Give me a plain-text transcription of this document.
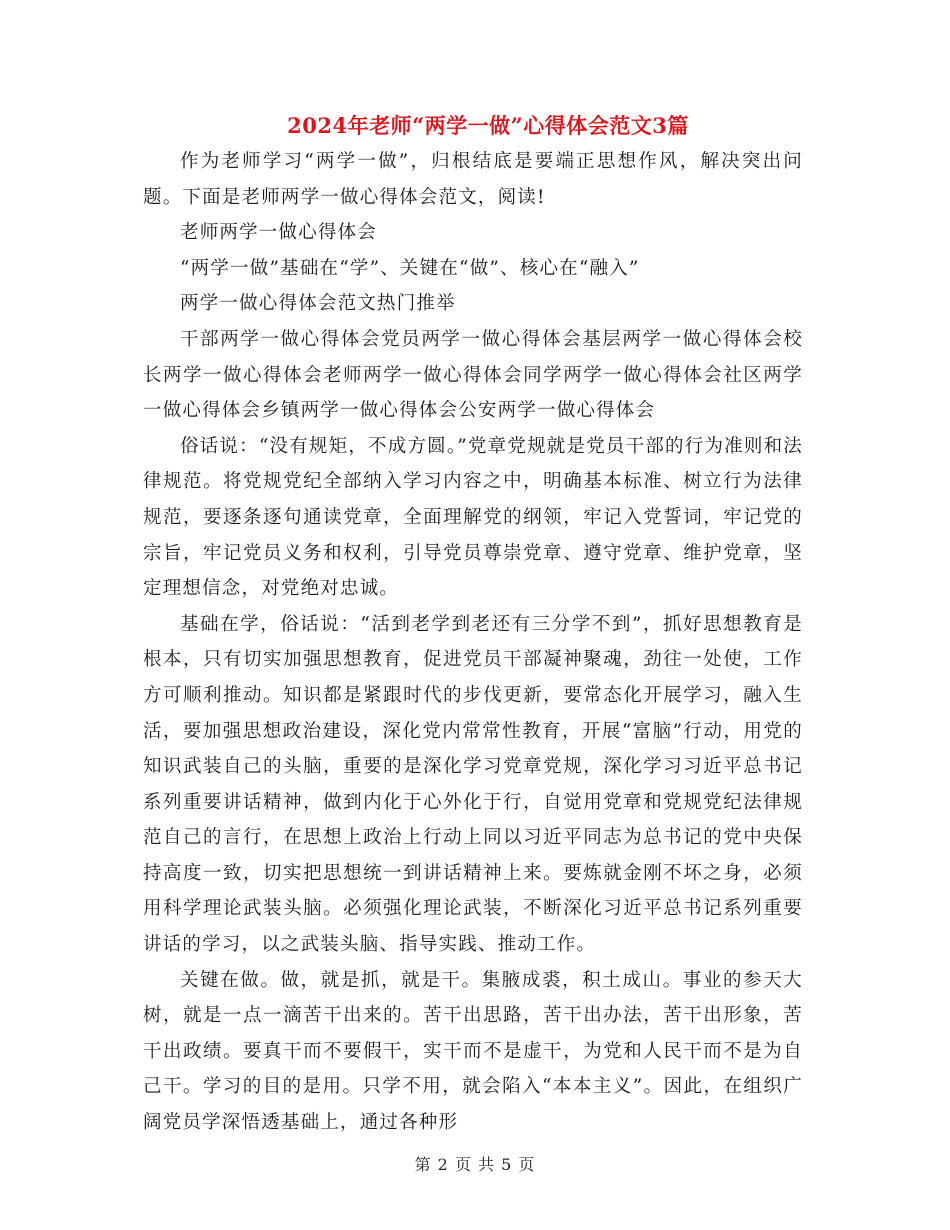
2024年老师“两学一做”心得体会范文3篇

作为老师学习“两学一做”，归根结底是要端正思想作风，解决突出问题。下面是老师两学一做心得体会范文，阅读!

老师两学一做心得体会

“两学一做”基础在“学”、关键在“做”、核心在“融入”

两学一做心得体会范文热门推举

干部两学一做心得体会党员两学一做心得体会基层两学一做心得体会校长两学一做心得体会老师两学一做心得体会同学两学一做心得体会社区两学一做心得体会乡镇两学一做心得体会公安两学一做心得体会

俗话说：“没有规矩，不成方圆。”党章党规就是党员干部的行为准则和法律规范。将党规党纪全部纳入学习内容之中，明确基本标准、树立行为法律规范，要逐条逐句通读党章，全面理解党的纲领，牢记入党誓词，牢记党的宗旨，牢记党员义务和权利，引导党员尊崇党章、遵守党章、维护党章，坚定理想信念，对党绝对忠诚。

基础在学，俗话说：“活到老学到老还有三分学不到”，抓好思想教育是根本，只有切实加强思想教育，促进党员干部凝神聚魂，劲往一处使，工作方可顺利推动。知识都是紧跟时代的步伐更新，要常态化开展学习，融入生活，要加强思想政治建设，深化党内常常性教育，开展“富脑”行动，用党的知识武装自己的头脑，重要的是深化学习党章党规，深化学习习近平总书记系列重要讲话精神，做到内化于心外化于行，自觉用党章和党规党纪法律规范自己的言行，在思想上政治上行动上同以习近平同志为总书记的党中央保持高度一致，切实把思想统一到讲话精神上来。要炼就金刚不坏之身，必须用科学理论武装头脑。必须强化理论武装，不断深化习近平总书记系列重要讲话的学习，以之武装头脑、指导实践、推动工作。

关键在做。做，就是抓，就是干。集腋成裘，积土成山。事业的参天大树，就是一点一滴苦干出来的。苦干出思路，苦干出办法，苦干出形象，苦干出政绩。要真干而不要假干，实干而不是虚干，为党和人民干而不是为自己干。学习的目的是用。只学不用，就会陷入“本本主义”。因此，在组织广阔党员学深悟透基础上，通过各种形

第 2 页 共 5 页
